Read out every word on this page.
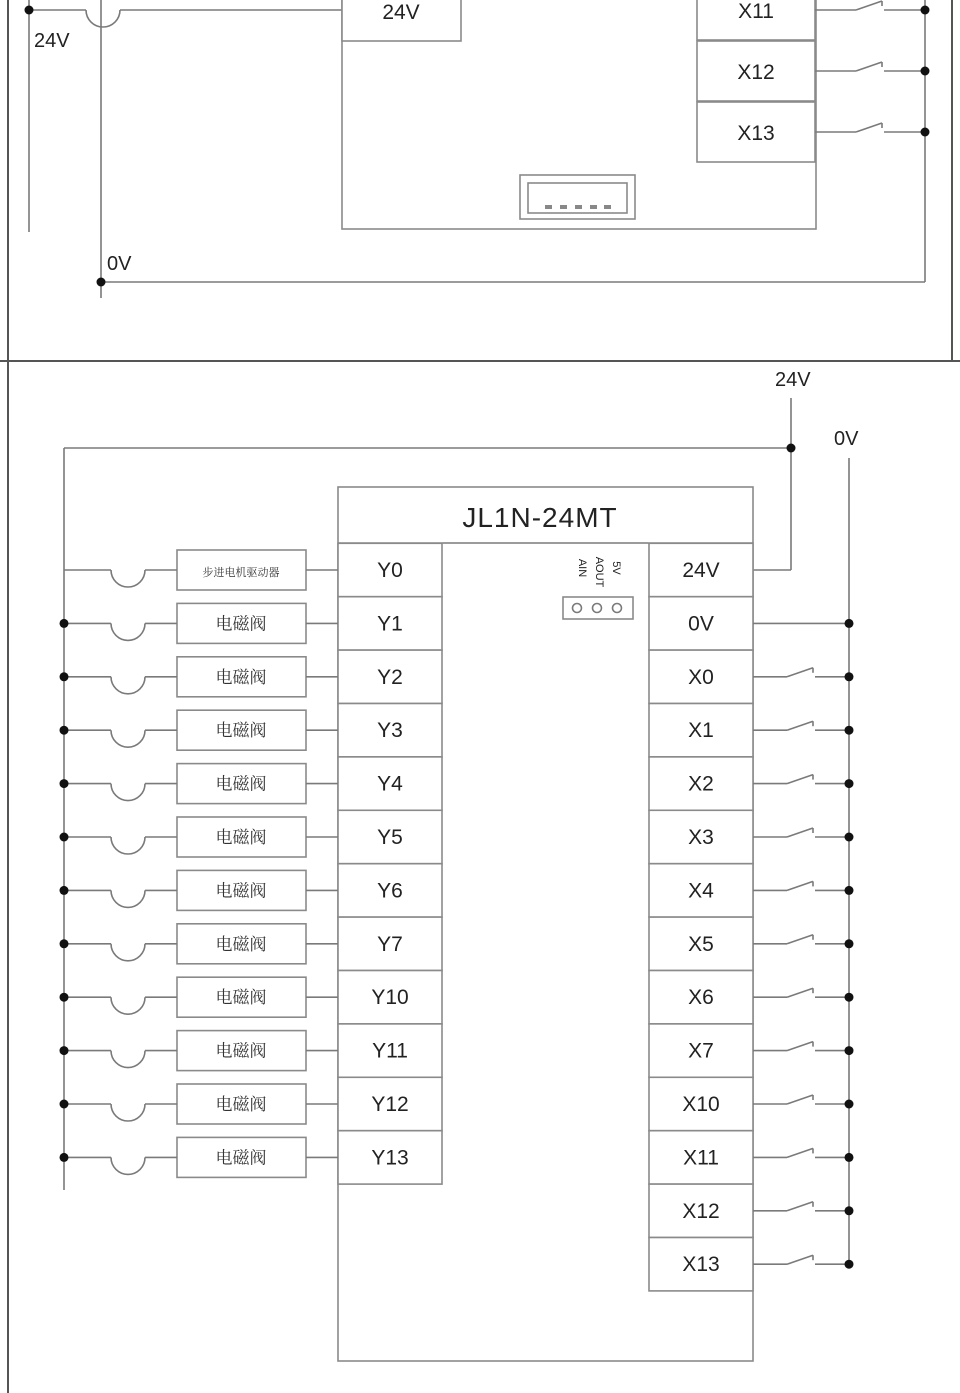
24V
0V
24V	X11
X12
X13
24V
0V
JL1N-24MT
5V
AOUT
AIN
Y0
步进电机驱动器
Y1
电磁阀
Y2
电磁阀
Y3
电磁阀
Y4
电磁阀
Y5
电磁阀
Y6
电磁阀
Y7
电磁阀
Y10
电磁阀
Y11
电磁阀
Y12
电磁阀
Y13
电磁阀
24V
0V
X0
X1
X2
X3
X4
X5
X6
X7
X10
X11
X12
X13
